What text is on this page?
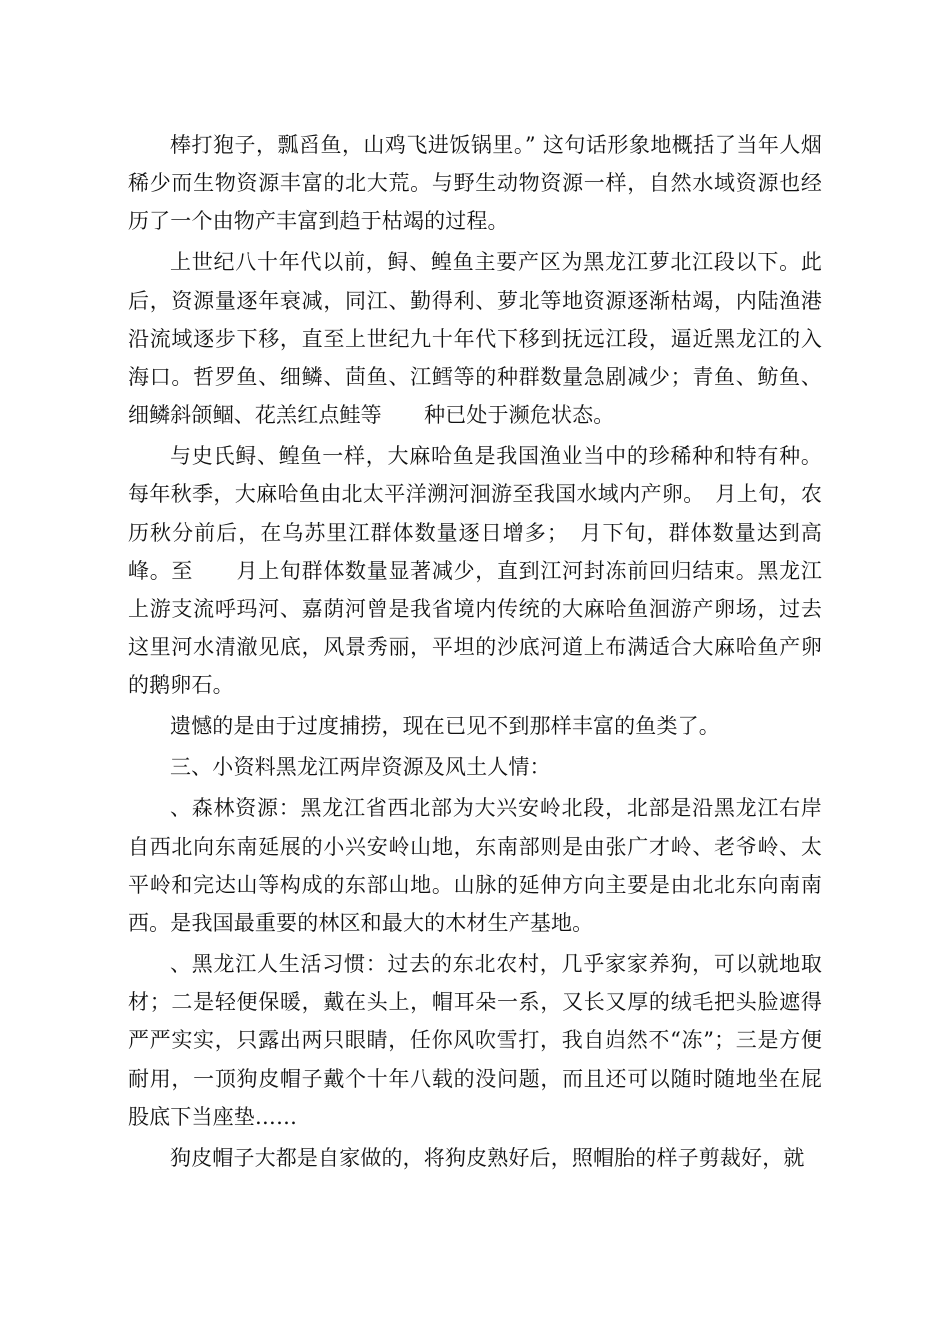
棒打狍子，瓢舀鱼，山鸡飞进饭锅里。” 这句话形象地概括了当年人烟稀少而生物资源丰富的北大荒。与野生动物资源一样，自然水域资源也经历了一个由物产丰富到趋于枯竭的过程。

上世纪八十年代以前，鲟、鳇鱼主要产区为黑龙江萝北江段以下。此后，资源量逐年衰减，同江、勤得利、萝北等地资源逐渐枯竭，内陆渔港沿流域逐步下移，直至上世纪九十年代下移到抚远江段，逼近黑龙江的入海口。哲罗鱼、细鳞、茴鱼、江鳕等的种群数量急剧减少；青鱼、鲂鱼、细鳞斜颌鲴、花羔红点鲑等　　种已处于濒危状态。

与史氏鲟、鳇鱼一样，大麻哈鱼是我国渔业当中的珍稀种和特有种。每年秋季，大麻哈鱼由北太平洋溯河洄游至我国水域内产卵。　月上旬，农历秋分前后，在乌苏里江群体数量逐日增多；　月下旬，群体数量达到高峰。至　　月上旬群体数量显著减少，直到江河封冻前回归结束。黑龙江上游支流呼玛河、嘉荫河曾是我省境内传统的大麻哈鱼洄游产卵场，过去这里河水清澈见底，风景秀丽，平坦的沙底河道上布满适合大麻哈鱼产卵的鹅卵石。

遗憾的是由于过度捕捞，现在已见不到那样丰富的鱼类了。

三、小资料黑龙江两岸资源及风土人情：

、森林资源：黑龙江省西北部为大兴安岭北段，北部是沿黑龙江右岸自西北向东南延展的小兴安岭山地，东南部则是由张广才岭、老爷岭、太平岭和完达山等构成的东部山地。山脉的延伸方向主要是由北北东向南南西。是我国最重要的林区和最大的木材生产基地。

、黑龙江人生活习惯：过去的东北农村，几乎家家养狗，可以就地取材；二是轻便保暖，戴在头上，帽耳朵一系，又长又厚的绒毛把头脸遮得严严实实，只露出两只眼睛，任你风吹雪打，我自岿然不“冻”；三是方便耐用，一顶狗皮帽子戴个十年八载的没问题，而且还可以随时随地坐在屁股底下当座垫……

狗皮帽子大都是自家做的，将狗皮熟好后，照帽胎的样子剪裁好，就
